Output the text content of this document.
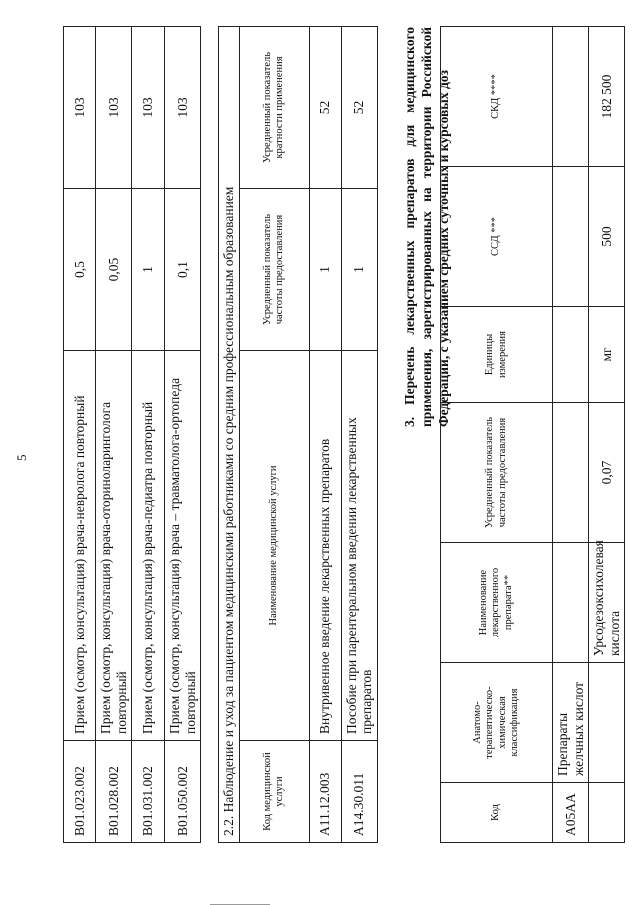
5
B01.023.002	Прием (осмотр, консультация) врача-невролога повторный	0,5	103
B01.028.002	Прием (осмотр, консультация) врача-оториноларинголога повторный	0,05	103
B01.031.002	Прием (осмотр, консультация) врача-педиатра повторный	1	103
B01.050.002	Прием (осмотр, консультация) врача – травматолога-ортопеда повторный	0,1	103
2.2. Наблюдение и уход за пациентом медицинскими работниками со средним профессиональным образованием			
Код медицинской услуги	Наименование медицинской услуги	Усредненный показатель частоты предоставления	Усредненный показатель кратности применения
A11.12.003	Внутривенное введение лекарственных препаратов	1	52
A14.30.011	Пособие при парентеральном введении лекарственных препаратов	1	52	3. Перечень лекарственных препаратов для медицинского применения, зарегистрированных на территории Российской Федерации, с указанием средних суточных и курсовых доз
Код	Анатомо-терапевтическо-химическая классификация	Наименование лекарственного препарата**	Усредненный показатель частоты предоставления	Единицы измерения	ССД ***	СКД ****
A05AA	Препараты желчных кислот					
		Урсодезоксихолевая кислота	0,07	мг	500	182 500
